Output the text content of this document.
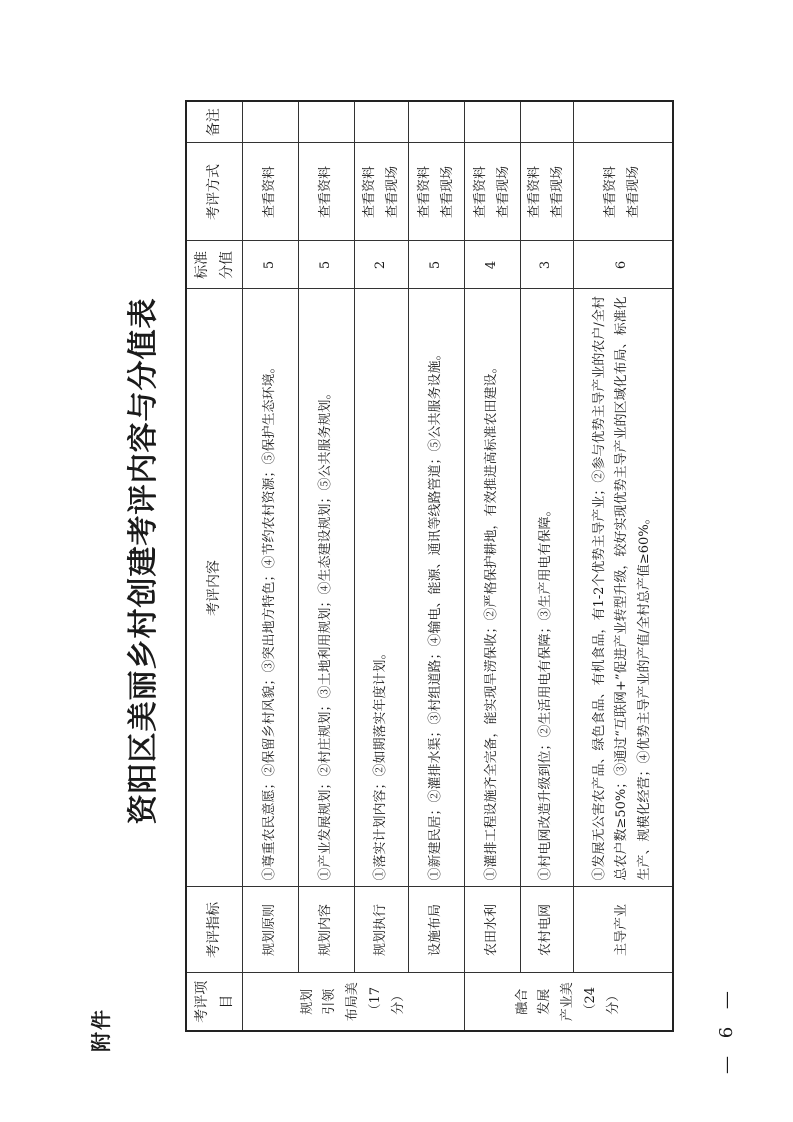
附件
资阳区美丽乡村创建考评内容与分值表
考评项目	考评指标	考评内容	标准分值	考评方式	备注

规划 引领 布局美 （17分）	规划原则	①尊重农民意愿；②保留乡村风貌；③突出地方特色；④节约农村资源；⑤保护生态环境。	5	查看资料	

	规划内容	①产业发展规划；②村庄规划；③土地利用规划；④生态建设规划；⑤公共服务规划。	5	查看资料	

	规划执行	①落实计划内容；②如期落实年度计划。	2	查看资料 查看现场	

	设施布局	①新建民居；②灌排水渠；③村组道路；④输电、能源、通讯等线路管道；⑤公共服务设施。	5	查看资料 查看现场	

融合 发展 产业美 （24分）	农田水利	①灌排工程设施齐全完备，能实现旱涝保收；②严格保护耕地，有效推进高标准农田建设。	4	查看资料 查看现场	

	农村电网	①村电网改造升级到位；②生活用电有保障；③生产用电有保障。	3	查看资料 查看现场	

	主导产业	①发展无公害农产品、绿色食品、有机食品，有1-2个优势主导产业；②参与优势主导产业的农户/全村总农户数≥50%；③通过“互联网+”促进产业转型升级，较好实现优势主导产业的区域化布局、标准化生产、规模化经营；④优势主导产业的产值/全村总产值≥60%。	6	查看资料 查看现场	

— 6 —
